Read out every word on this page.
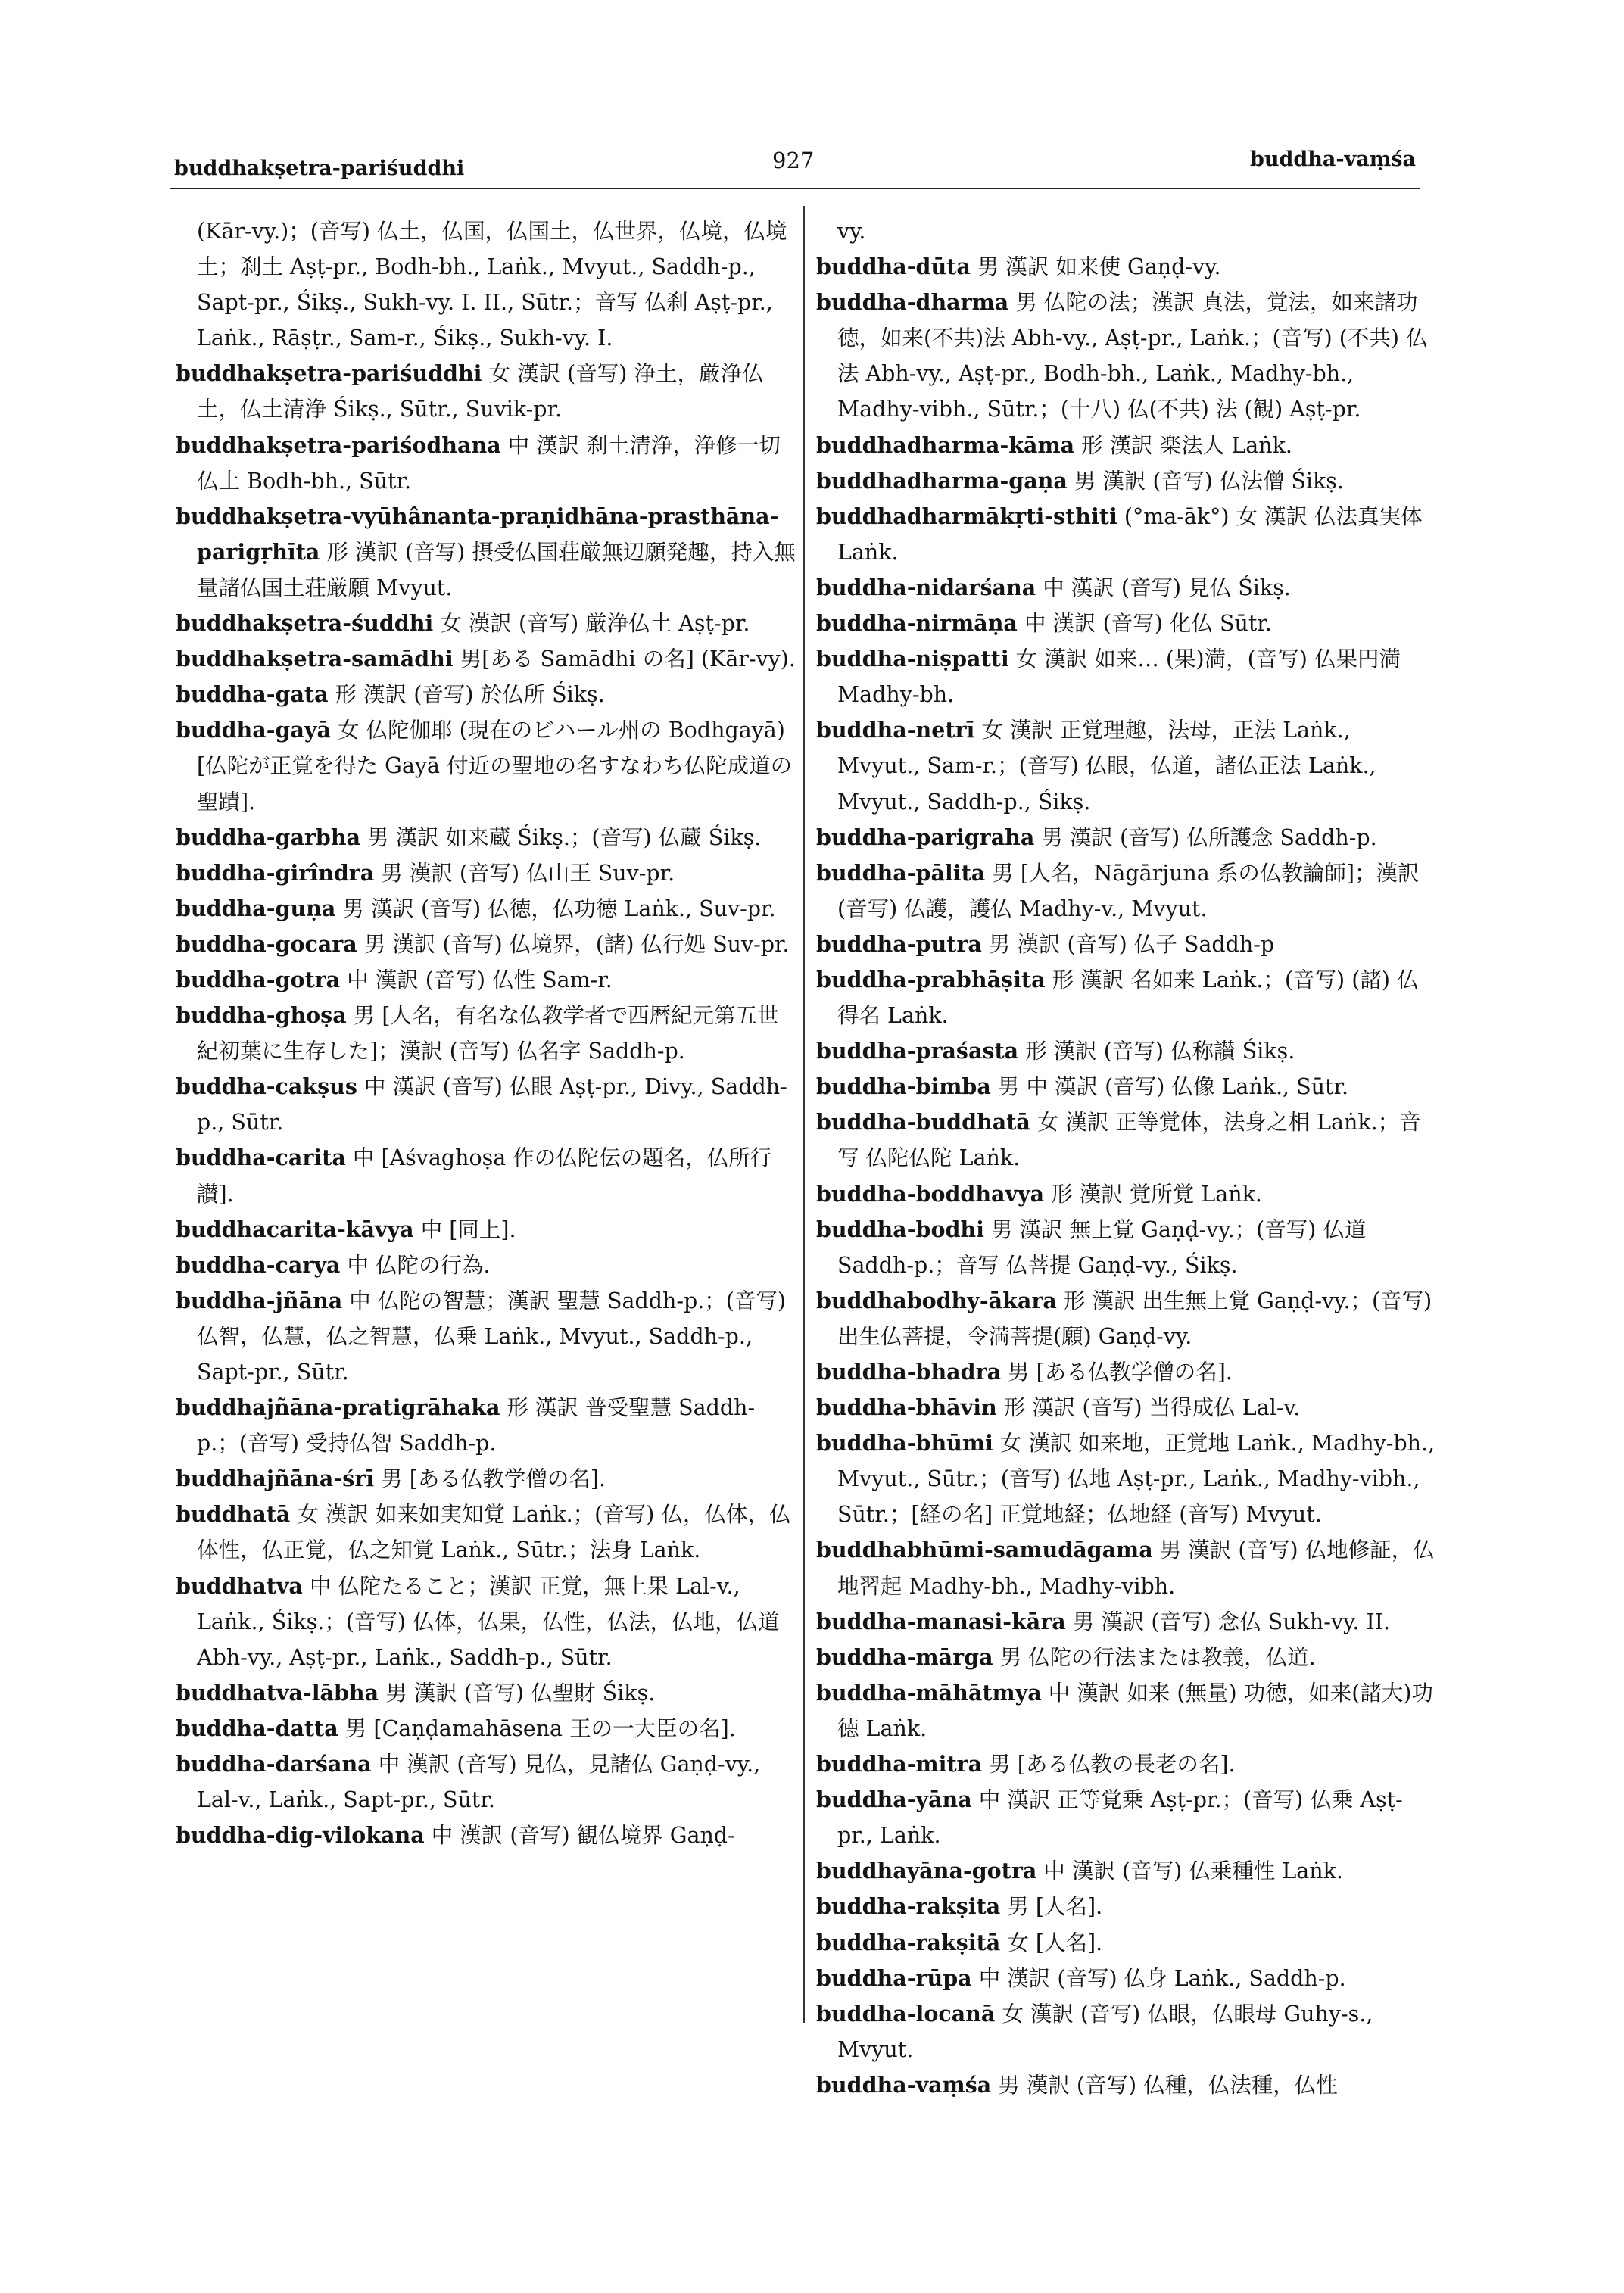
buddhakṣetra-pariśuddhi	927	buddha-vaṃśa

(Kār-vy.)；(音写) 仏土，仏国，仏国土，仏世界，仏境，仏境土；刹土 Aṣṭ-pr., Bodh-bh., Laṅk., Mvyut., Saddh-p., Sapt-pr., Śikṣ., Sukh-vy. I. II., Sūtr.；音写 仏刹 Aṣṭ-pr., Laṅk., Rāṣṭr., Sam-r., Śikṣ., Sukh-vy. I.

buddhakṣetra-pariśuddhi 女 漢訳 (音写) 浄土，厳浄仏土，仏土清浄 Śikṣ., Sūtr., Suvik-pr.

buddhakṣetra-pariśodhana 中 漢訳 刹土清浄，浄修一切仏土 Bodh-bh., Sūtr.

buddhakṣetra-vyūhânanta-praṇidhāna-prasthāna-parigṛhīta 形 漢訳 (音写) 摂受仏国荘厳無辺願発趣，持入無量諸仏国土荘厳願 Mvyut.

buddhakṣetra-śuddhi 女 漢訳 (音写) 厳浄仏土 Aṣṭ-pr.

buddhakṣetra-samādhi 男[ある Samādhi の名] (Kār-vy).

buddha-gata 形 漢訳 (音写) 於仏所 Śikṣ.

buddha-gayā 女 仏陀伽耶 (現在のビハール州の Bodhgayā) [仏陀が正覚を得た Gayā 付近の聖地の名すなわち仏陀成道の聖蹟].

buddha-garbha 男 漢訳 如来蔵 Śikṣ.；(音写) 仏蔵 Śikṣ.

buddha-girîndra 男 漢訳 (音写) 仏山王 Suv-pr.

buddha-guṇa 男 漢訳 (音写) 仏徳，仏功徳 Laṅk., Suv-pr.

buddha-gocara 男 漢訳 (音写) 仏境界，(諸) 仏行処 Suv-pr.

buddha-gotra 中 漢訳 (音写) 仏性 Sam-r.

buddha-ghoṣa 男 [人名，有名な仏教学者で西暦紀元第五世紀初葉に生存した]；漢訳 (音写) 仏名字 Saddh-p.

buddha-cakṣus 中 漢訳 (音写) 仏眼 Aṣṭ-pr., Divy., Saddh-p., Sūtr.

buddha-carita 中 [Aśvaghoṣa 作の仏陀伝の題名，仏所行讃].

buddhacarita-kāvya 中 [同上].

buddha-carya 中 仏陀の行為.

buddha-jñāna 中 仏陀の智慧；漢訳 聖慧 Saddh-p.；(音写) 仏智，仏慧，仏之智慧，仏乗 Laṅk., Mvyut., Saddh-p., Sapt-pr., Sūtr.

buddhajñāna-pratigrāhaka 形 漢訳 普受聖慧 Saddh-p.；(音写) 受持仏智 Saddh-p.

buddhajñāna-śrī 男 [ある仏教学僧の名].

buddhatā 女 漢訳 如来如実知覚 Laṅk.；(音写) 仏，仏体，仏体性，仏正覚，仏之知覚 Laṅk., Sūtr.；法身 Laṅk.

buddhatva 中 仏陀たること；漢訳 正覚，無上果 Lal-v., Laṅk., Śikṣ.；(音写) 仏体，仏果，仏性，仏法，仏地，仏道 Abh-vy., Aṣṭ-pr., Laṅk., Saddh-p., Sūtr.

buddhatva-lābha 男 漢訳 (音写) 仏聖財 Śikṣ.

buddha-datta 男 [Caṇḍamahāsena 王の一大臣の名].

buddha-darśana 中 漢訳 (音写) 見仏，見諸仏 Gaṇḍ-vy., Lal-v., Laṅk., Sapt-pr., Sūtr.

buddha-dig-vilokana 中 漢訳 (音写) 観仏境界 Gaṇḍ-

vy.

buddha-dūta 男 漢訳 如来使 Gaṇḍ-vy.

buddha-dharma 男 仏陀の法；漢訳 真法，覚法，如来諸功徳，如来(不共)法 Abh-vy., Aṣṭ-pr., Laṅk.；(音写) (不共) 仏法 Abh-vy., Aṣṭ-pr., Bodh-bh., Laṅk., Madhy-bh., Madhy-vibh., Sūtr.；(十八) 仏(不共) 法 (観) Aṣṭ-pr.

buddhadharma-kāma 形 漢訳 楽法人 Laṅk.

buddhadharma-gaṇa 男 漢訳 (音写) 仏法僧 Śikṣ.

buddhadharmākṛti-sthiti (°ma-āk°) 女 漢訳 仏法真実体 Laṅk.

buddha-nidarśana 中 漢訳 (音写) 見仏 Śikṣ.

buddha-nirmāṇa 中 漢訳 (音写) 化仏 Sūtr.

buddha-niṣpatti 女 漢訳 如来… (果)満，(音写) 仏果円満 Madhy-bh.

buddha-netrī 女 漢訳 正覚理趣，法母，正法 Laṅk., Mvyut., Sam-r.；(音写) 仏眼，仏道，諸仏正法 Laṅk., Mvyut., Saddh-p., Śikṣ.

buddha-parigraha 男 漢訳 (音写) 仏所護念 Saddh-p.

buddha-pālita 男 [人名，Nāgārjuna 系の仏教論師]；漢訳 (音写) 仏護，護仏 Madhy-v., Mvyut.

buddha-putra 男 漢訳 (音写) 仏子 Saddh-p

buddha-prabhāṣita 形 漢訳 名如来 Laṅk.；(音写) (諸) 仏得名 Laṅk.

buddha-praśasta 形 漢訳 (音写) 仏称讃 Śikṣ.

buddha-bimba 男 中 漢訳 (音写) 仏像 Laṅk., Sūtr.

buddha-buddhatā 女 漢訳 正等覚体，法身之相 Laṅk.；音写 仏陀仏陀 Laṅk.

buddha-boddhavya 形 漢訳 覚所覚 Laṅk.

buddha-bodhi 男 漢訳 無上覚 Gaṇḍ-vy.；(音写) 仏道 Saddh-p.；音写 仏菩提 Gaṇḍ-vy., Śikṣ.

buddhabodhy-ākara 形 漢訳 出生無上覚 Gaṇḍ-vy.；(音写) 出生仏菩提，令満菩提(願) Gaṇḍ-vy.

buddha-bhadra 男 [ある仏教学僧の名].

buddha-bhāvin 形 漢訳 (音写) 当得成仏 Lal-v.

buddha-bhūmi 女 漢訳 如来地，正覚地 Laṅk., Madhy-bh., Mvyut., Sūtr.；(音写) 仏地 Aṣṭ-pr., Laṅk., Madhy-vibh., Sūtr.；[経の名] 正覚地経；仏地経 (音写) Mvyut.

buddhabhūmi-samudāgama 男 漢訳 (音写) 仏地修証，仏地習起 Madhy-bh., Madhy-vibh.

buddha-manasi-kāra 男 漢訳 (音写) 念仏 Sukh-vy. II.

buddha-mārga 男 仏陀の行法または教義，仏道.

buddha-māhātmya 中 漢訳 如来 (無量) 功徳，如来(諸大)功徳 Laṅk.

buddha-mitra 男 [ある仏教の長老の名].

buddha-yāna 中 漢訳 正等覚乗 Aṣṭ-pr.；(音写) 仏乗 Aṣṭ-pr., Laṅk.

buddhayāna-gotra 中 漢訳 (音写) 仏乗種性 Laṅk.

buddha-rakṣita 男 [人名].

buddha-rakṣitā 女 [人名].

buddha-rūpa 中 漢訳 (音写) 仏身 Laṅk., Saddh-p.

buddha-locanā 女 漢訳 (音写) 仏眼，仏眼母 Guhy-s., Mvyut.

buddha-vaṃśa 男 漢訳 (音写) 仏種，仏法種，仏性
